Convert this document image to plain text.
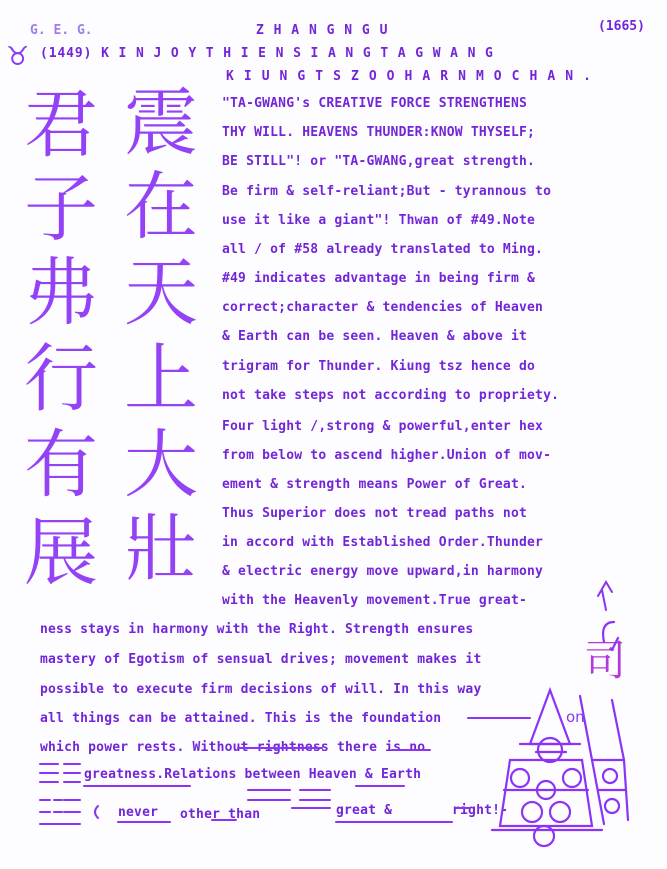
G. E. G.	Z H A N G N G U	(1665)
♉ (1449) K I N J O Y T H I E N S I A N G T A G W A N G
K I U N G T S Z O O H A R N M O C H A N .
君
子
弗
行
有
展
震
在
天
上
大
壯
"TA-GWANG's CREATIVE FORCE STRENGTHENS
THY WILL. HEAVENS THUNDER:KNOW THYSELF;
BE STILL"! or "TA-GWANG,great strength.
Be firm & self-reliant;But - tyrannous to
use it like a giant"! Thwan of #49.Note
all / of #58 already translated to Ming.
#49 indicates advantage in being firm &
correct;character & tendencies of Heaven
& Earth can be seen. Heaven & above it
trigram for Thunder. Kiung tsz hence do
not take steps not according to propriety.
Four light /,strong & powerful,enter hex
from below to ascend higher.Union of mov-
ement & strength means Power of Great.
Thus Superior does not tread paths not
in accord with Established Order.Thunder
& electric energy move upward,in harmony
with the Heavenly movement.True great-
ness stays in harmony with the Right. Strength ensures
mastery of Egotism of sensual drives; movement makes it
possible to execute firm decisions of will. In this way
all things can be attained. This is the foundation
which power rests. Without rightness there is no
greatness.Relations between Heaven & Earth
never other than	great &	right!-
on
司
